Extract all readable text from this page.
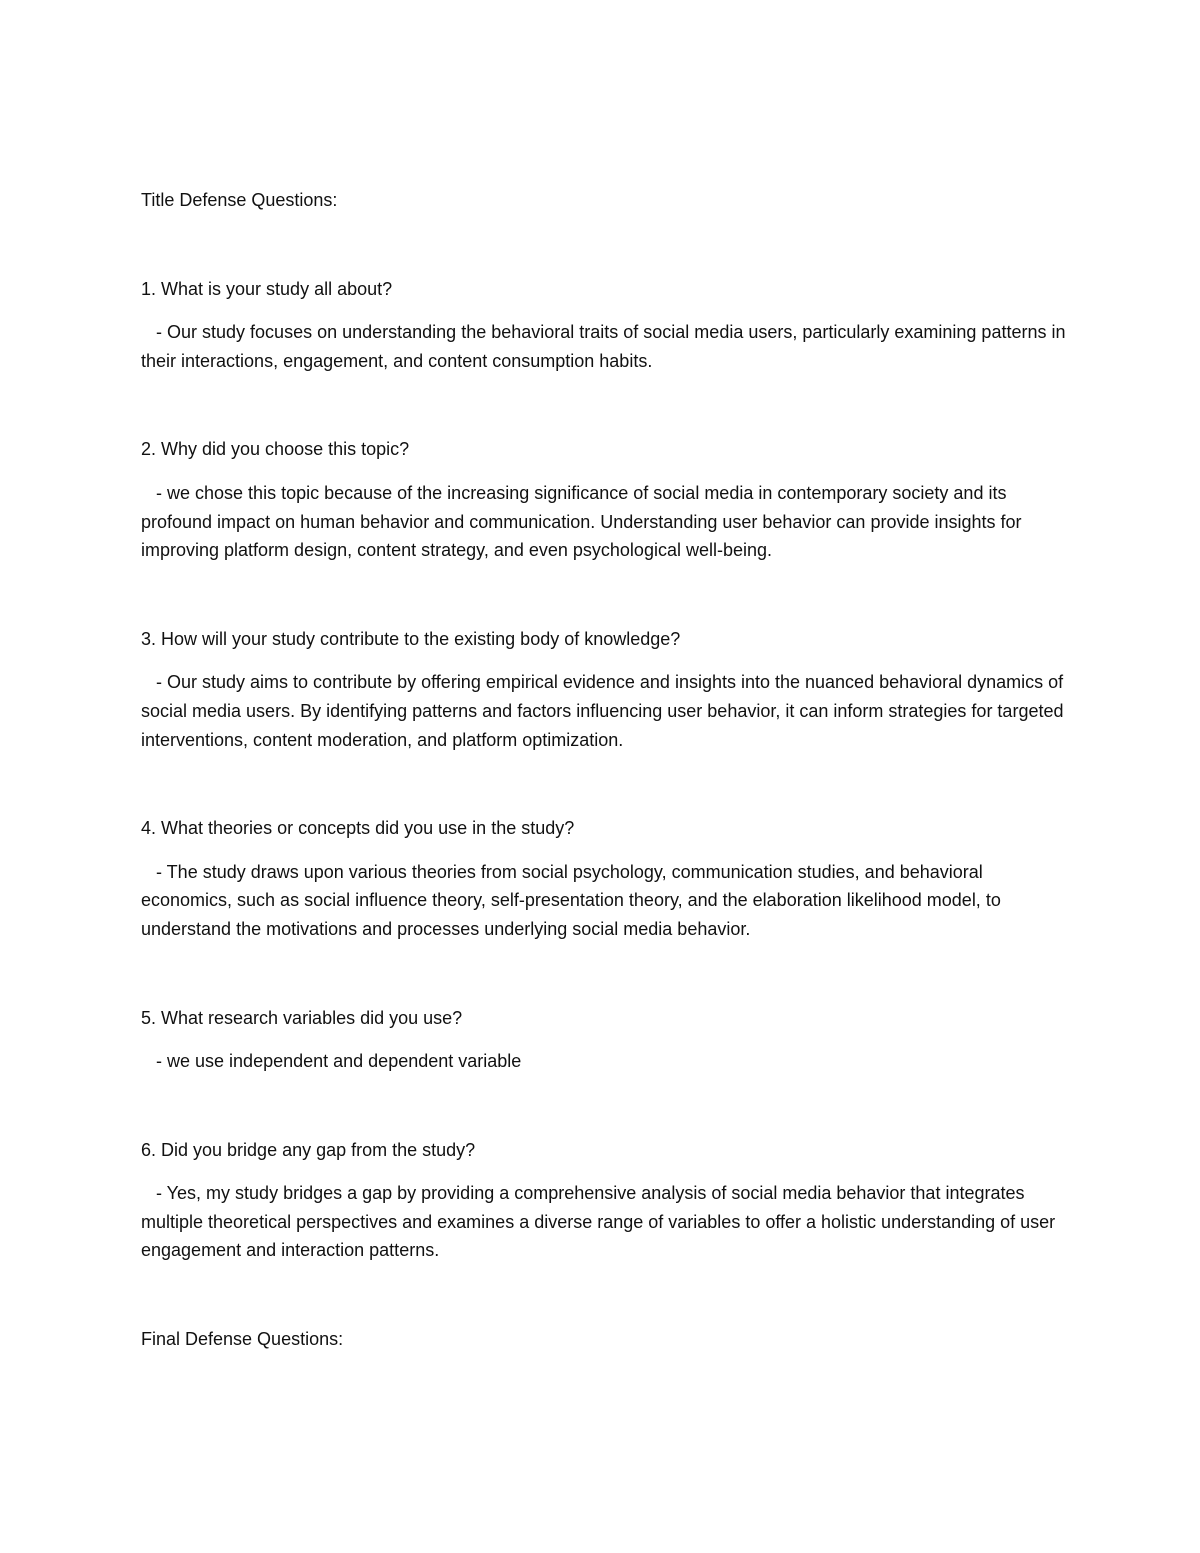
Title Defense Questions:

1. What is your study all about?

- Our study focuses on understanding the behavioral traits of social media users, particularly examining patterns in their interactions, engagement, and content consumption habits.

2. Why did you choose this topic?

- we chose this topic because of the increasing significance of social media in contemporary society and its profound impact on human behavior and communication. Understanding user behavior can provide insights for improving platform design, content strategy, and even psychological well-being.

3. How will your study contribute to the existing body of knowledge?

- Our study aims to contribute by offering empirical evidence and insights into the nuanced behavioral dynamics of social media users. By identifying patterns and factors influencing user behavior, it can inform strategies for targeted interventions, content moderation, and platform optimization.

4. What theories or concepts did you use in the study?

- The study draws upon various theories from social psychology, communication studies, and behavioral economics, such as social influence theory, self-presentation theory, and the elaboration likelihood model, to understand the motivations and processes underlying social media behavior.

5. What research variables did you use?

- we use independent and dependent variable

6. Did you bridge any gap from the study?

- Yes, my study bridges a gap by providing a comprehensive analysis of social media behavior that integrates multiple theoretical perspectives and examines a diverse range of variables to offer a holistic understanding of user engagement and interaction patterns.

Final Defense Questions:
